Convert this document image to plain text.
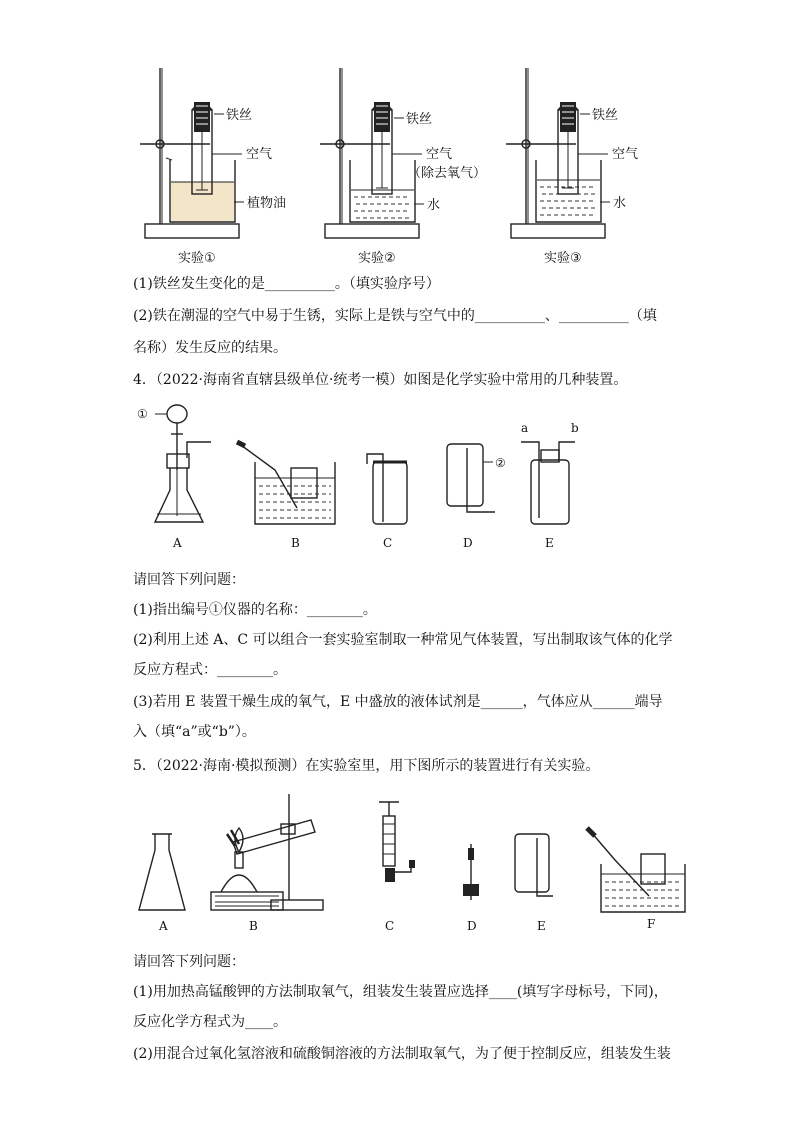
铁丝
空气
植物油
实验①
铁丝
空气
（除去氧气）
水
实验②
铁丝
空气
水
实验③
(1)铁丝发生变化的是__________。（填实验序号）
(2)铁在潮湿的空气中易于生锈，实际上是铁与空气中的__________、__________（填
名称）发生反应的结果。
4．（2022·海南省直辖县级单位·统考一模）如图是化学实验中常用的几种装置。
①
A	B	C
②
D
a	b
E
请回答下列问题：
(1)指出编号①仪器的名称：________。
(2)利用上述 A、C 可以组合一套实验室制取一种常见气体装置，写出制取该气体的化学
反应方程式：________。
(3)若用 E 装置干燥生成的氧气，E 中盛放的液体试剂是______，气体应从______端导
入（填“a”或“b”）。
5．（2022·海南·模拟预测）在实验室里，用下图所示的装置进行有关实验。
A	B	C	D	E	F
请回答下列问题：
(1)用加热高锰酸钾的方法制取氧气，组装发生装置应选择____(填写字母标号，下同)，
反应化学方程式为____。
(2)用混合过氧化氢溶液和硫酸铜溶液的方法制取氧气，为了便于控制反应，组装发生装
